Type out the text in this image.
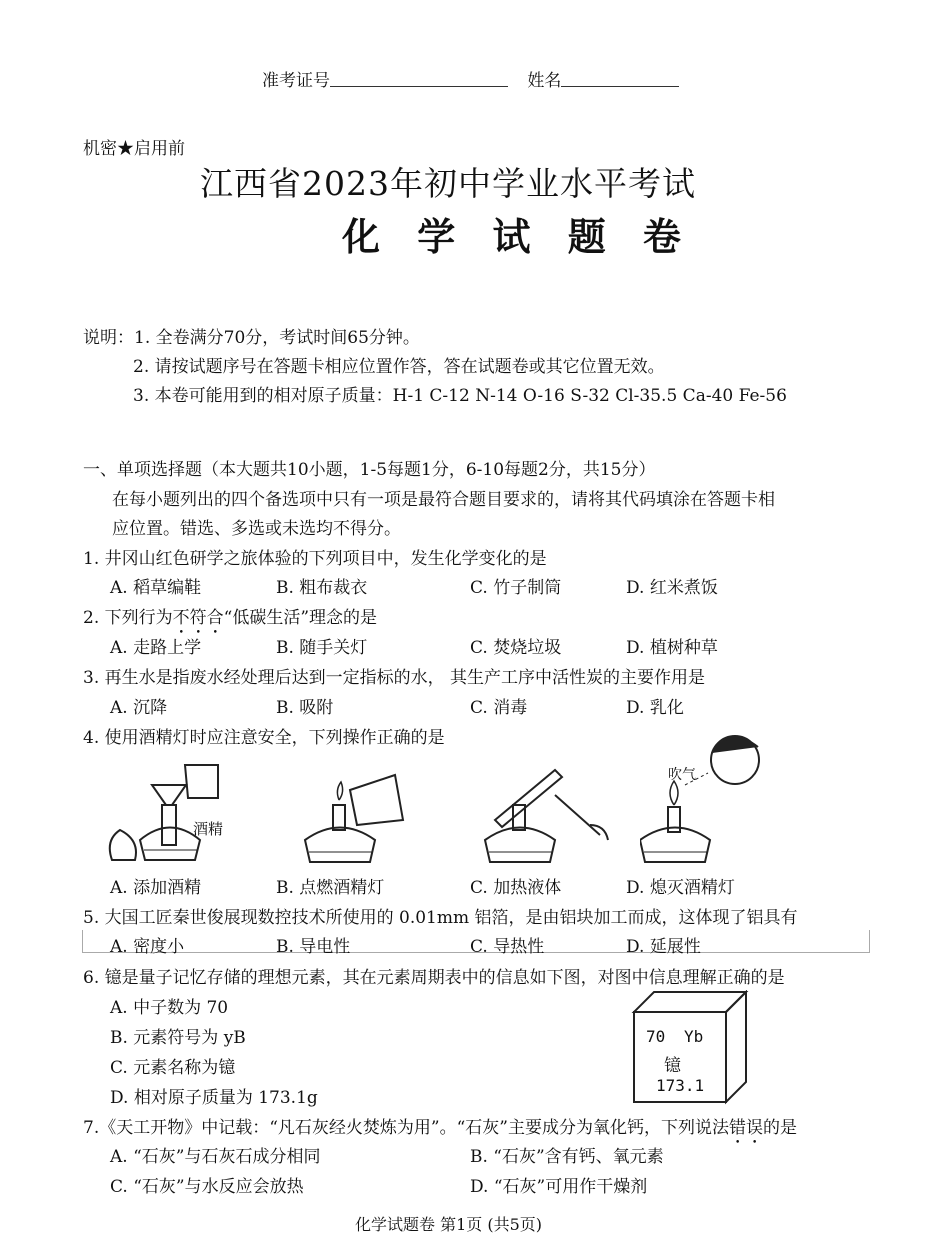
准考证号	姓名
机密★启用前
江西省2023年初中学业水平考试
化 学 试 题 卷
说明：1. 全卷满分70分，考试时间65分钟。
2. 请按试题序号在答题卡相应位置作答，答在试题卷或其它位置无效。
3. 本卷可能用到的相对原子质量：H-1 C-12 N-14 O-16 S-32 Cl-35.5 Ca-40 Fe-56
一、单项选择题（本大题共10小题，1-5每题1分，6-10每题2分，共15分）
在每小题列出的四个备选项中只有一项是最符合题目要求的，请将其代码填涂在答题卡相
应位置。错选、多选或未选均不得分。
1. 井冈山红色研学之旅体验的下列项目中，发生化学变化的是
A. 稻草编鞋	B. 粗布裁衣	C. 竹子制筒	D. 红米煮饭
2. 下列行为不符合“低碳生活”理念的是
A. 走路上学	B. 随手关灯	C. 焚烧垃圾	D. 植树种草
3. 再生水是指废水经处理后达到一定指标的水， 其生产工序中活性炭的主要作用是
A. 沉降	B. 吸附	C. 消毒	D. 乳化
4. 使用酒精灯时应注意安全，下列操作正确的是
酒精
吹气
A. 添加酒精	B. 点燃酒精灯	C. 加热液体	D. 熄灭酒精灯
5. 大国工匠秦世俊展现数控技术所使用的 0.01mm 铝箔，是由铝块加工而成，这体现了铝具有
A. 密度小	B. 导电性	C. 导热性	D. 延展性
6. 镱是量子记忆存储的理想元素，其在元素周期表中的信息如下图，对图中信息理解正确的是
A. 中子数为 70
B. 元素符号为 yB
C. 元素名称为镱
D. 相对原子质量为 173.1g
70 Yb
镱
173.1
7.《天工开物》中记载：“凡石灰经火焚炼为用”。“石灰”主要成分为氧化钙，下列说法错误的是
A. “石灰”与石灰石成分相同	B. “石灰”含有钙、氧元素
C. “石灰”与水反应会放热	D. “石灰”可用作干燥剂
化学试题卷 第1页 (共5页)
